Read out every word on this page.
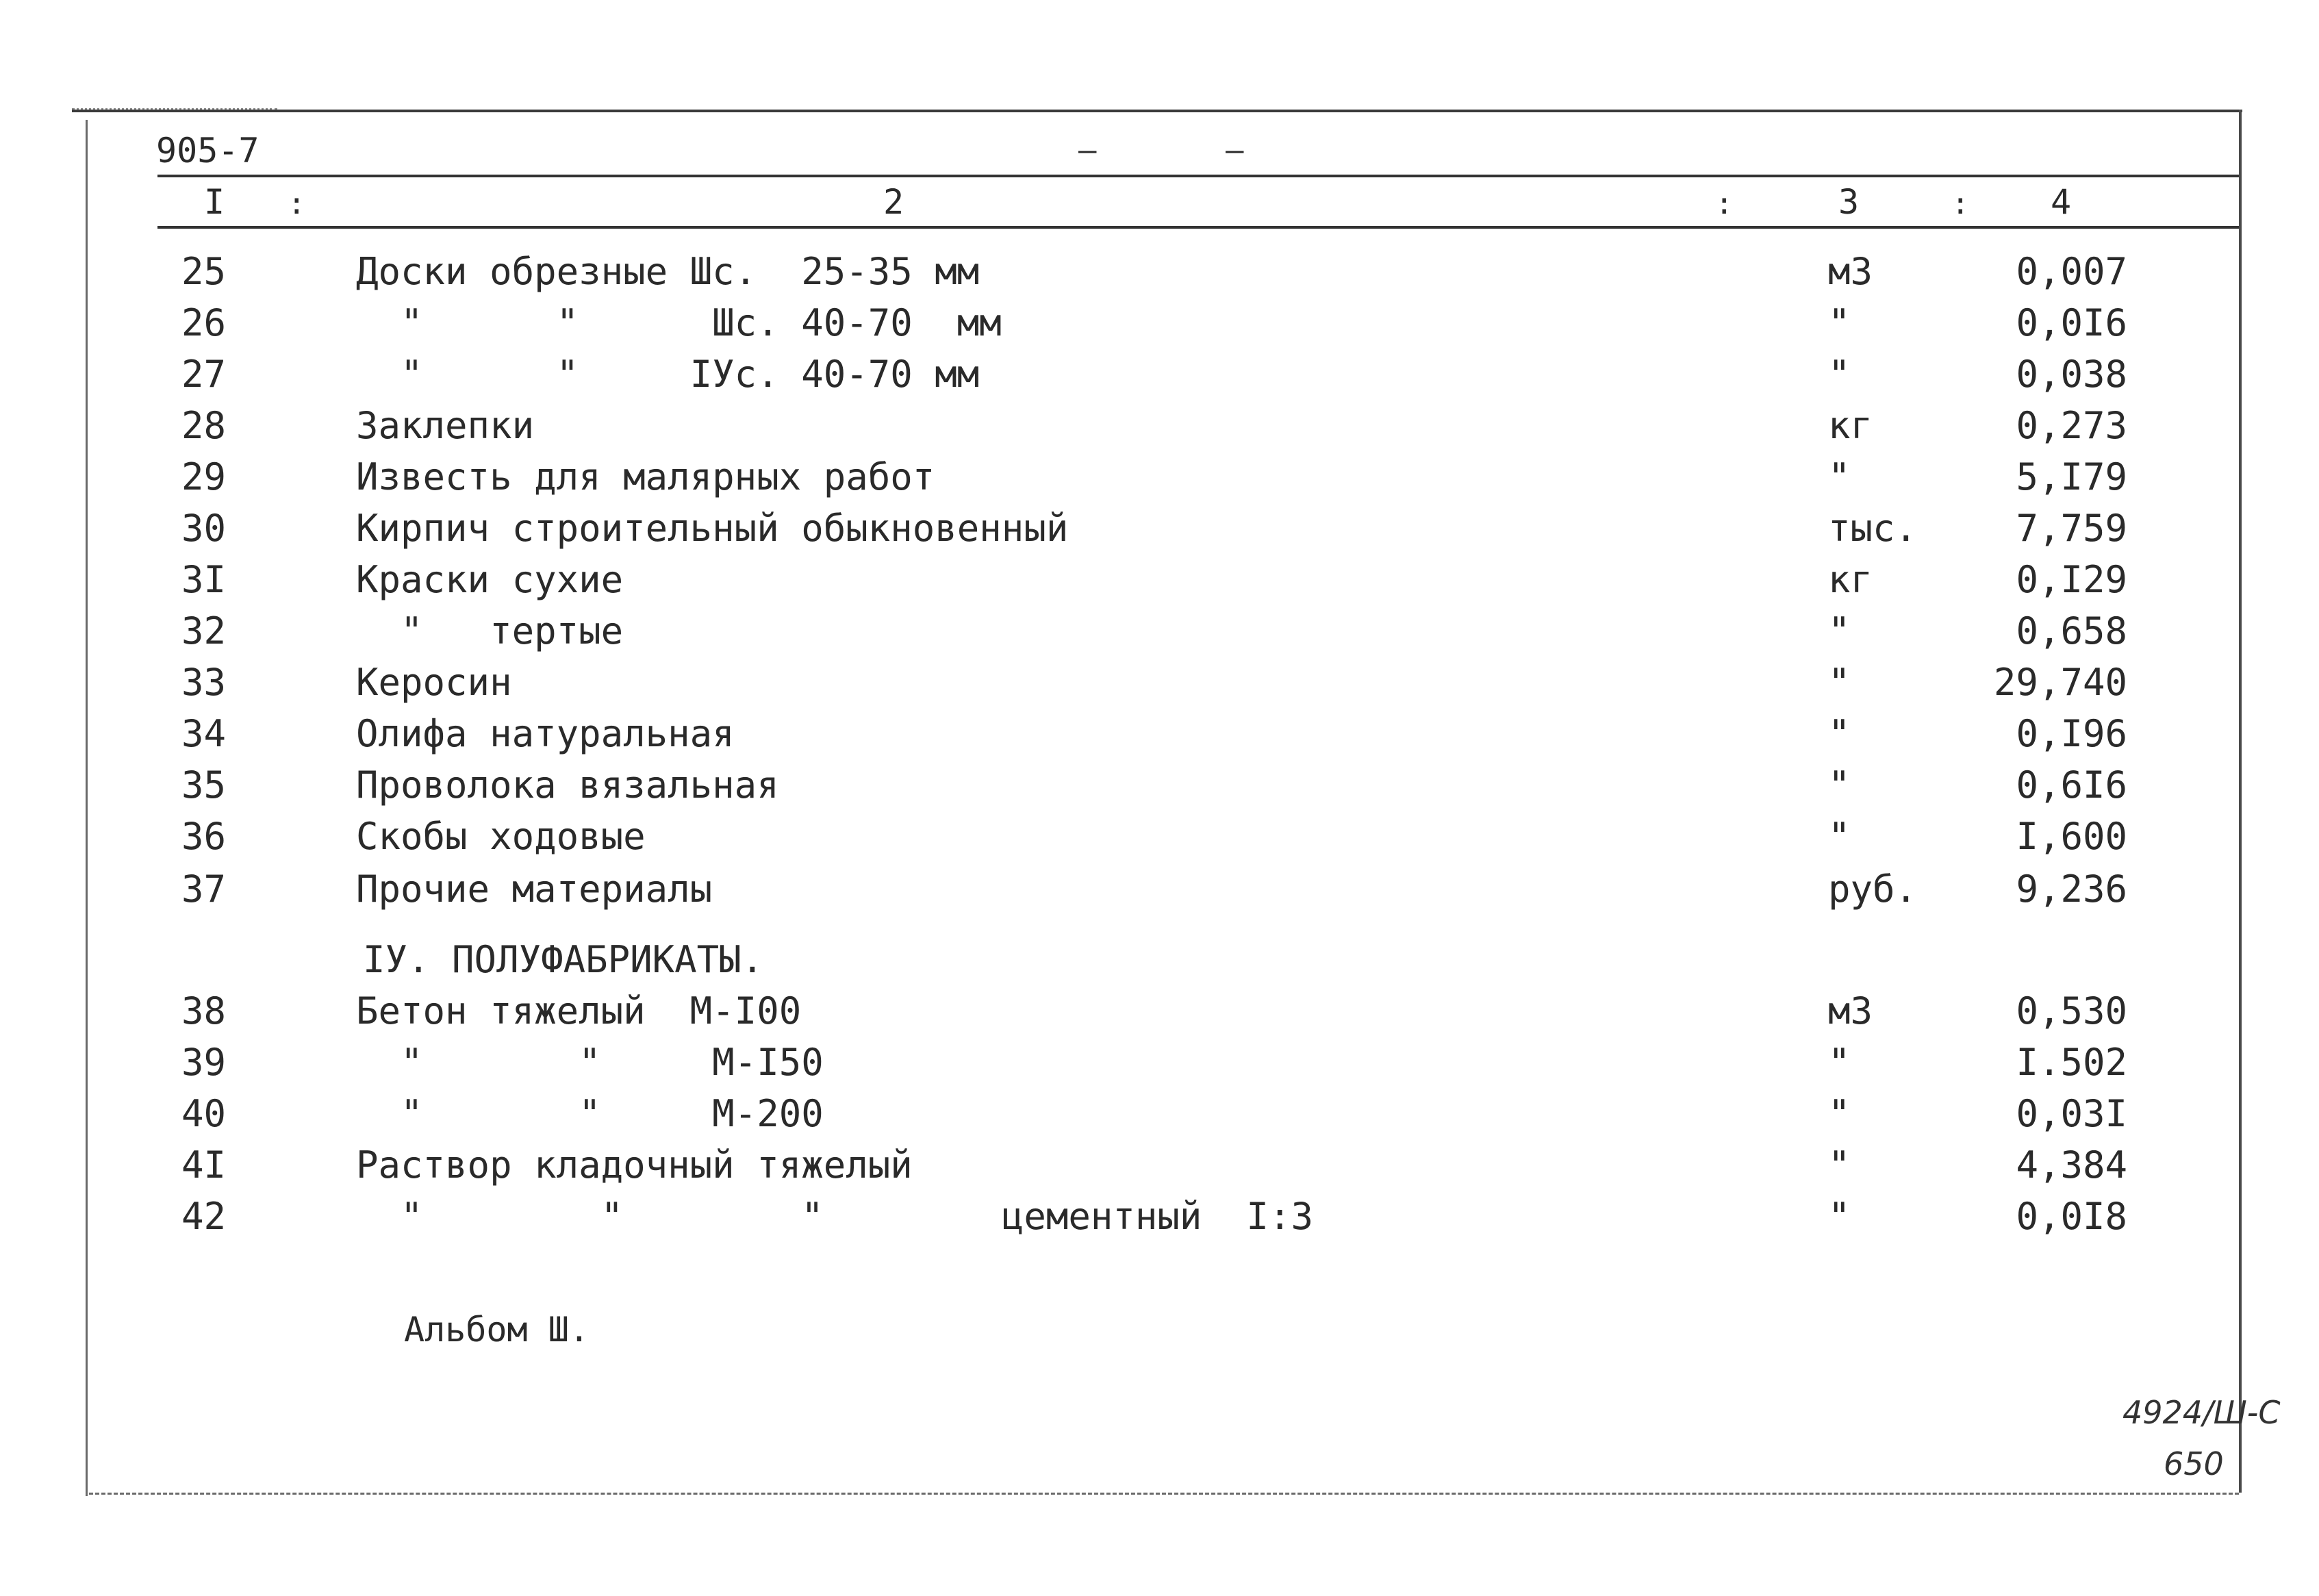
905-7	–	–
I :	2	:	3	: 4
25	Доски обрезные Шс.  25-35 мм	м3	0,007
26	"      "      Шс. 40-70  мм	"	0,0I6
27	"      "     IУс. 40-70 мм	"	0,038
28	Заклепки	кг	0,273
29	Известь для малярных работ	"	5,I79
30	Кирпич строительный обыкновенный	тыс.	7,759
3I	Краски сухие	кг	0,I29
32	"   тертые	"	0,658
33	Керосин	"	29,740
34	Олифа натуральная	"	0,I96
35	Проволока вязальная	"	0,6I6
36	Скобы ходовые	"	I,600
37	Прочие материалы	руб.	9,236
38	Бетон тяжелый  М-I00	м3	0,530
39	"       "     М-I50	"	I.502
40	"       "     М-200	"	0,03I
4I	Раствор кладочный тяжелый	"	4,384
42	"        "        "        цементный  I:3	"	0,0I8
IУ. ПОЛУФАБРИКАТЫ.
Альбом Ш.
4924/Ш-С
650
